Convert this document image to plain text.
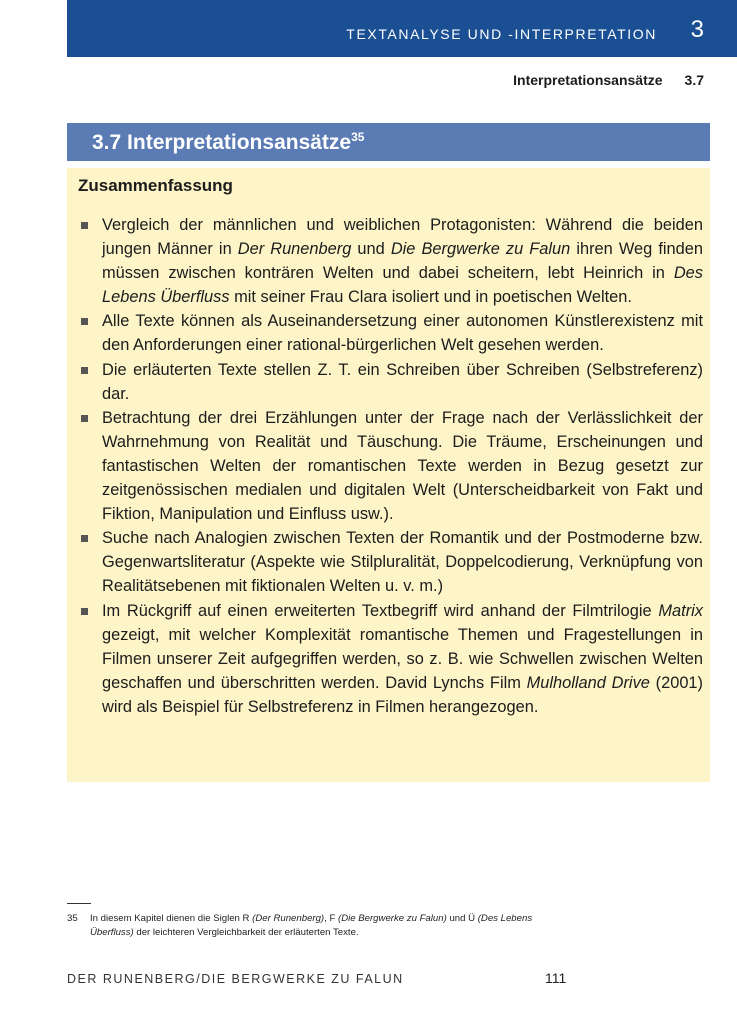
TEXTANALYSE UND -INTERPRETATION 3
Interpretationsansätze 3.7
3.7 Interpretationsansätze$^{35}$
Zusammenfassung
Vergleich der männlichen und weiblichen Protagonisten: Während die beiden jungen Männer in Der Runenberg und Die Bergwerke zu Falun ihren Weg finden müssen zwischen konträren Welten und dabei scheitern, lebt Heinrich in Des Lebens Überfluss mit seiner Frau Clara isoliert und in poetischen Welten.
Alle Texte können als Auseinandersetzung einer autonomen Künstlerexistenz mit den Anforderungen einer rational-bürgerlichen Welt gesehen werden.
Die erläuterten Texte stellen Z. T. ein Schreiben über Schreiben (Selbstreferenz) dar.
Betrachtung der drei Erzählungen unter der Frage nach der Verlässlichkeit der Wahrnehmung von Realität und Täuschung. Die Träume, Erscheinungen und fantastischen Welten der romantischen Texte werden in Bezug gesetzt zur zeitgenössischen medialen und digitalen Welt (Unterscheidbarkeit von Fakt und Fiktion, Manipulation und Einfluss usw.).
Suche nach Analogien zwischen Texten der Romantik und der Postmoderne bzw. Gegenwartsliteratur (Aspekte wie Stilpluralität, Doppelcodierung, Verknüpfung von Realitätsebenen mit fiktionalen Welten u. v. m.)
Im Rückgriff auf einen erweiterten Textbegriff wird anhand der Filmtrilogie Matrix gezeigt, mit welcher Komplexität romantische Themen und Fragestellungen in Filmen unserer Zeit aufgegriffen werden, so z. B. wie Schwellen zwischen Welten geschaffen und überschritten werden. David Lynchs Film Mulholland Drive (2001) wird als Beispiel für Selbstreferenz in Filmen herangezogen.
35 In diesem Kapitel dienen die Siglen R (Der Runenberg), F (Die Bergwerke zu Falun) und Ü (Des Lebens Überfluss) der leichteren Vergleichbarkeit der erläuterten Texte.
DER RUNENBERG/DIE BERGWERKE ZU FALUN	111
